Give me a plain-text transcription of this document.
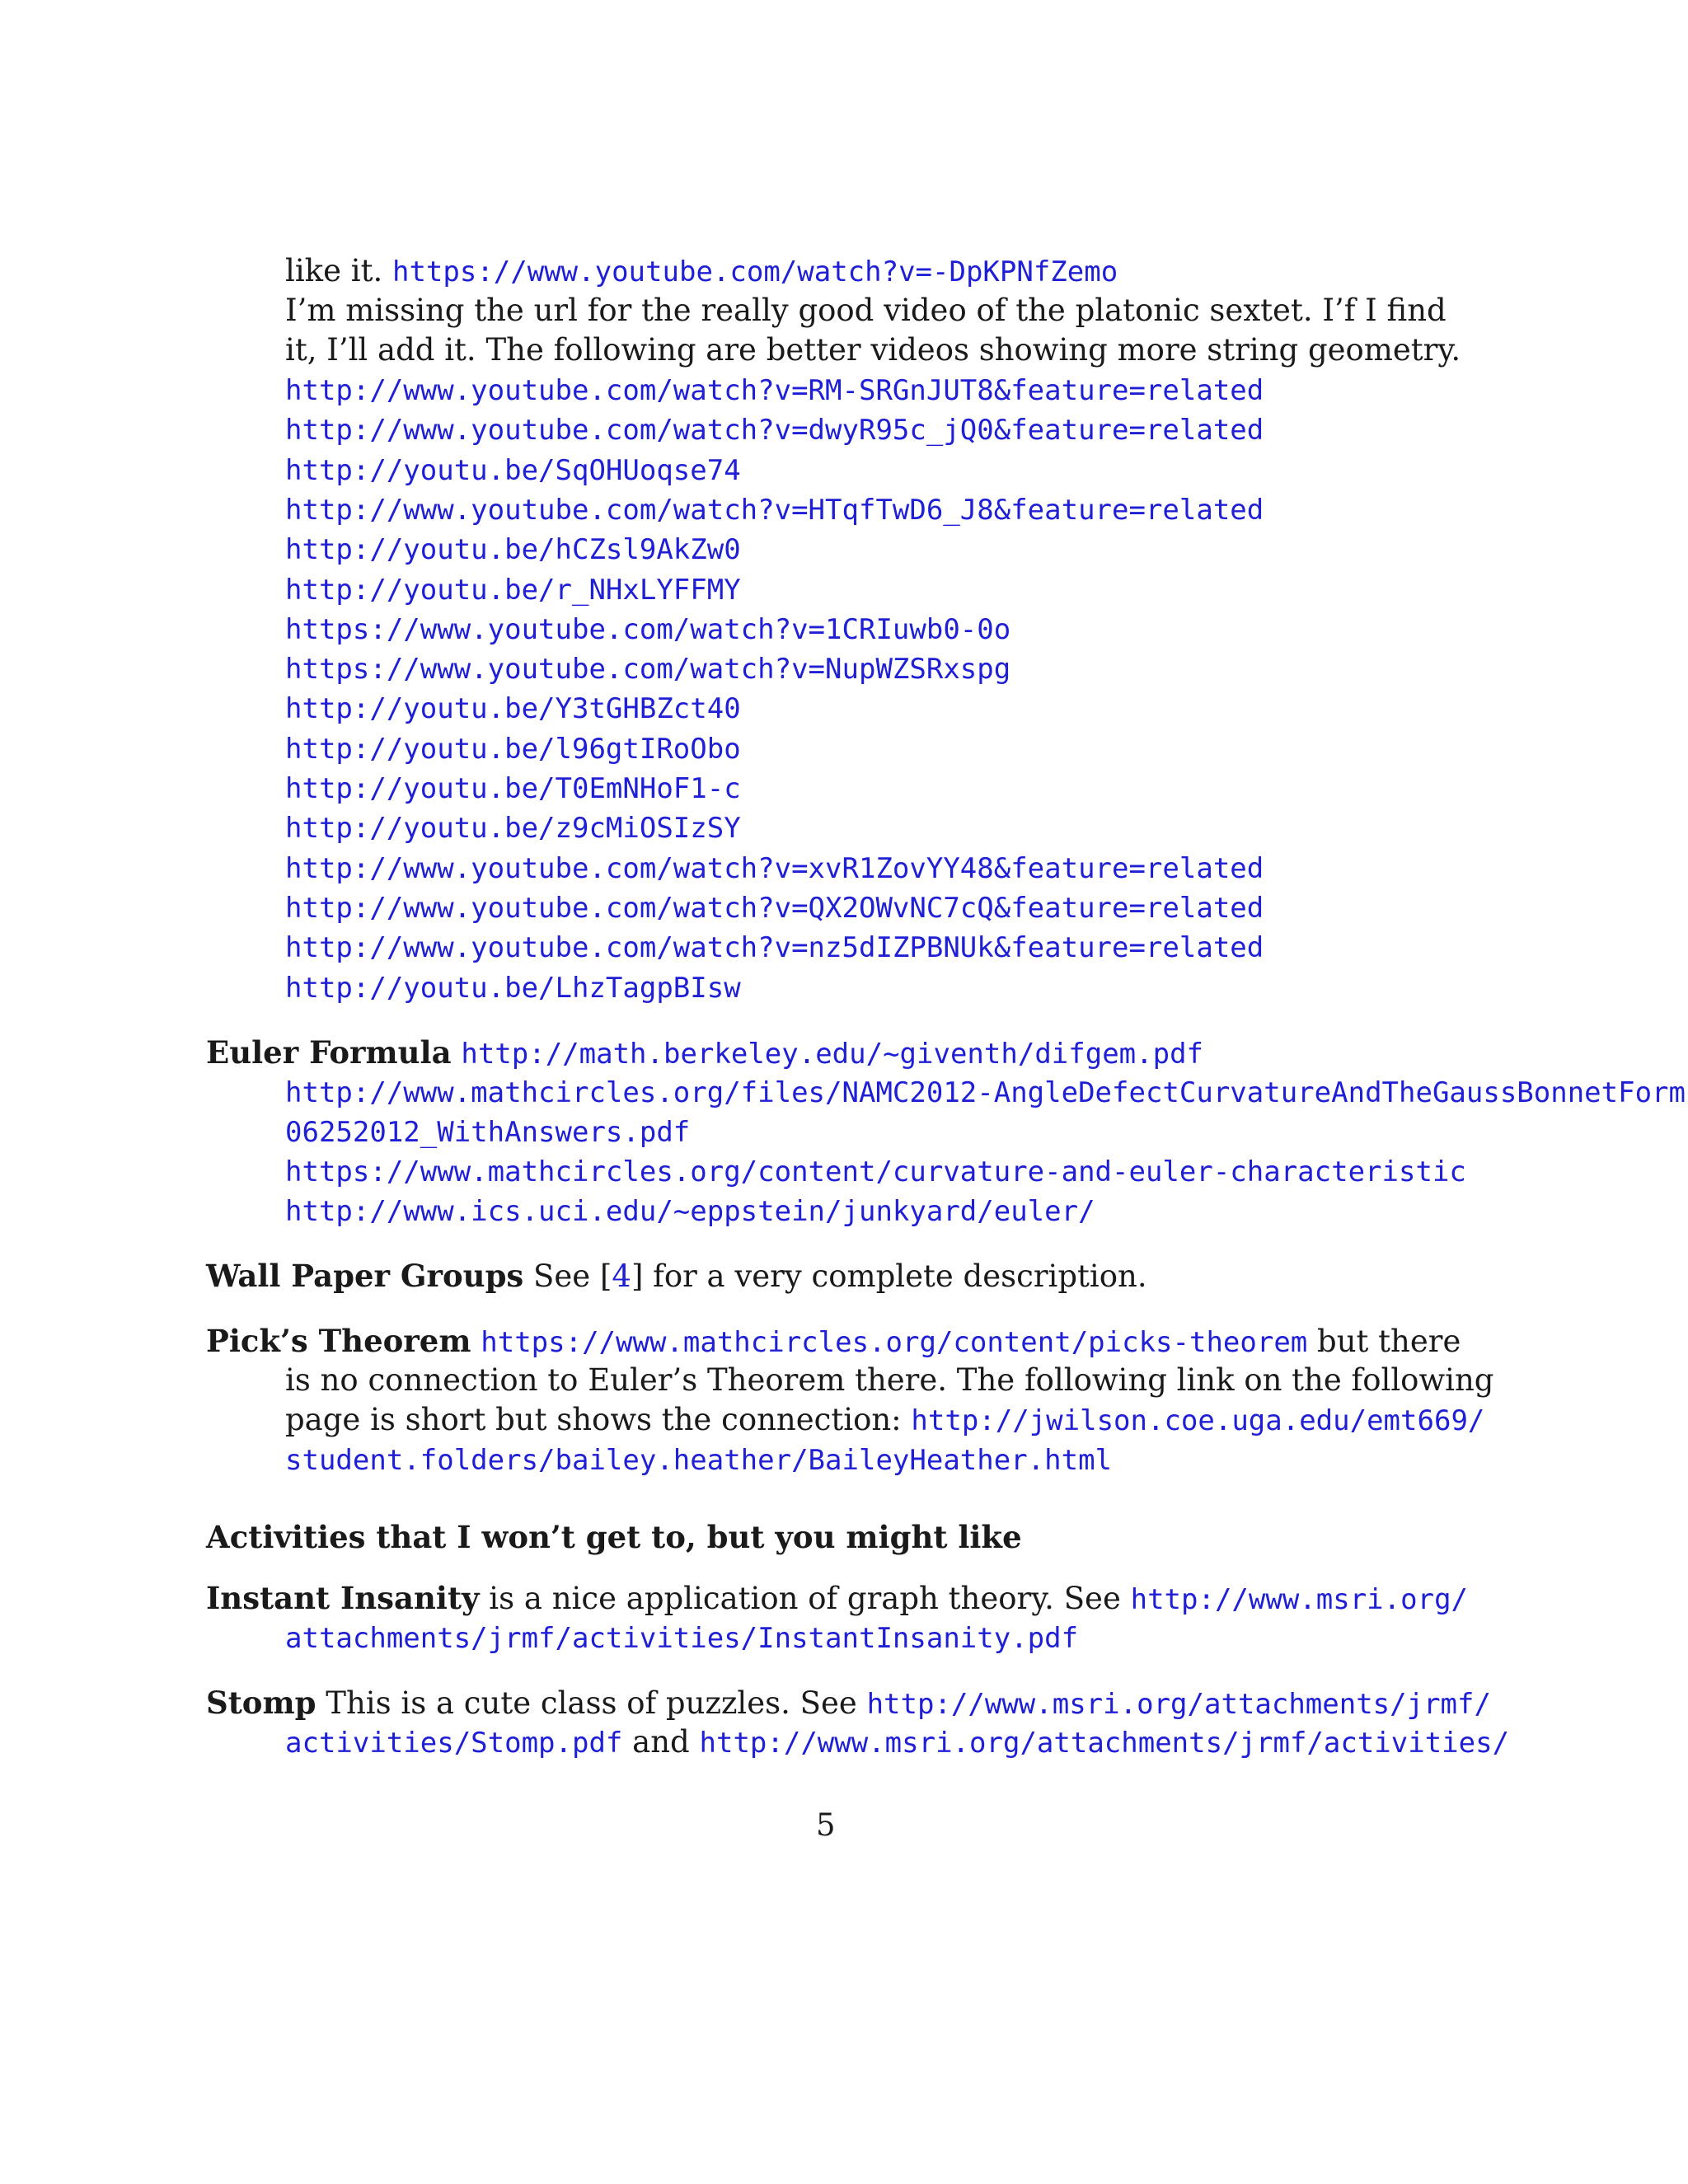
like it. https://www.youtube.com/watch?v=-DpKPNfZemo
I’m missing the url for the really good video of the platonic sextet. I’f I find
it, I’ll add it. The following are better videos showing more string geometry.
http://www.youtube.com/watch?v=RM-SRGnJUT8&feature=related
http://www.youtube.com/watch?v=dwyR95c_jQ0&feature=related
http://youtu.be/SqOHUoqse74
http://www.youtube.com/watch?v=HTqfTwD6_J8&feature=related
http://youtu.be/hCZsl9AkZw0
http://youtu.be/r_NHxLYFFMY
https://www.youtube.com/watch?v=1CRIuwb0-0o
https://www.youtube.com/watch?v=NupWZSRxspg
http://youtu.be/Y3tGHBZct40
http://youtu.be/l96gtIRoObo
http://youtu.be/T0EmNHoF1-c
http://youtu.be/z9cMiOSIzSY
http://www.youtube.com/watch?v=xvR1ZovYY48&feature=related
http://www.youtube.com/watch?v=QX2OWvNC7cQ&feature=related
http://www.youtube.com/watch?v=nz5dIZPBNUk&feature=related
http://youtu.be/LhzTagpBIsw
Euler Formula http://math.berkeley.edu/~giventh/difgem.pdf
http://www.mathcircles.org/files/NAMC2012-AngleDefectCurvatureAndTheGaussBonnetForm
06252012_WithAnswers.pdf
https://www.mathcircles.org/content/curvature-and-euler-characteristic
http://www.ics.uci.edu/~eppstein/junkyard/euler/
Wall Paper Groups See [4] for a very complete description.
Pick’s Theorem https://www.mathcircles.org/content/picks-theorem but there
is no connection to Euler’s Theorem there. The following link on the following
page is short but shows the connection: http://jwilson.coe.uga.edu/emt669/
student.folders/bailey.heather/BaileyHeather.html
Activities that I won’t get to, but you might like
Instant Insanity is a nice application of graph theory. See http://www.msri.org/
attachments/jrmf/activities/InstantInsanity.pdf
Stomp This is a cute class of puzzles. See http://www.msri.org/attachments/jrmf/
activities/Stomp.pdf and http://www.msri.org/attachments/jrmf/activities/
5
